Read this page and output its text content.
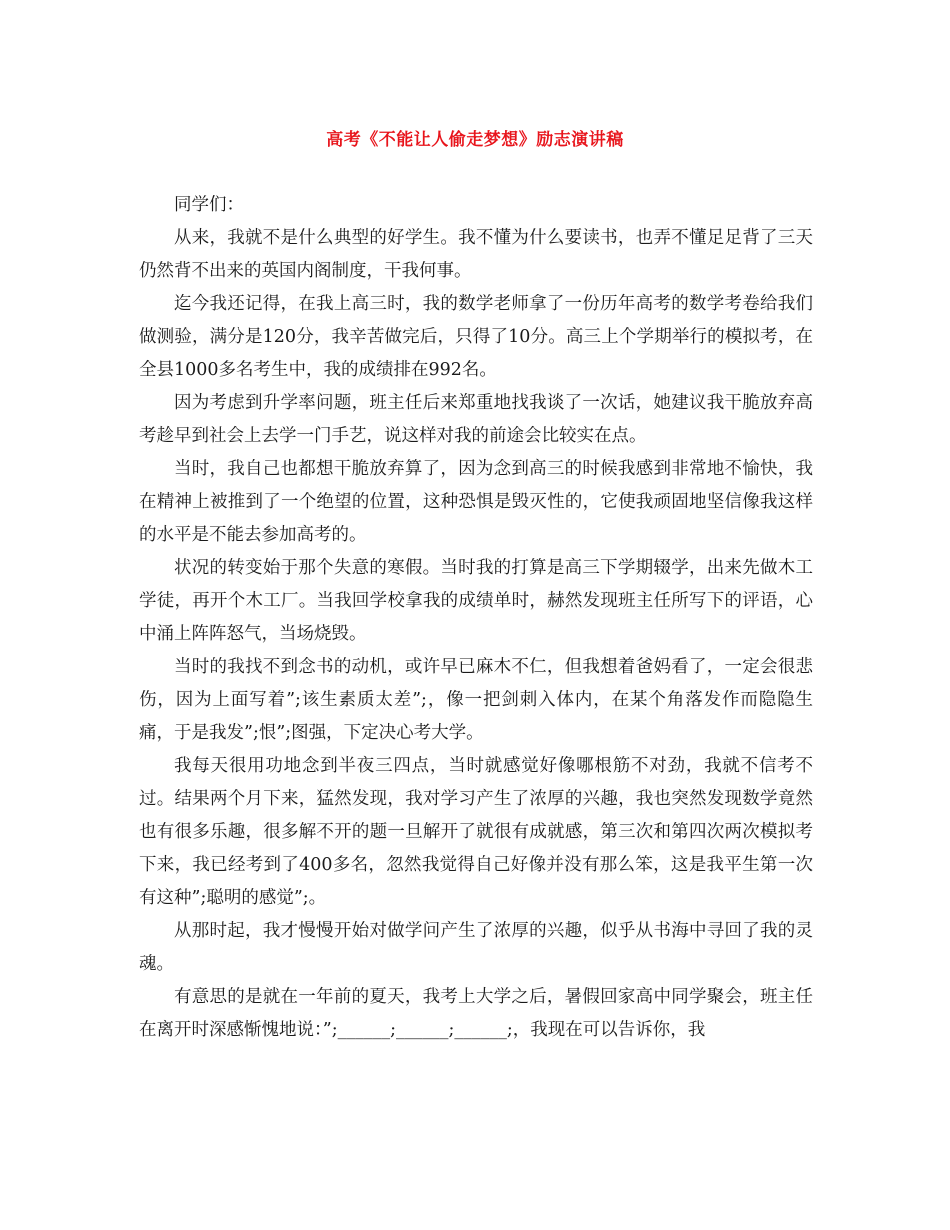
高考《不能让人偷走梦想》励志演讲稿

同学们：

从来，我就不是什么典型的好学生。我不懂为什么要读书，也弄不懂足足背了三天仍然背不出来的英国内阁制度，干我何事。

迄今我还记得，在我上高三时，我的数学老师拿了一份历年高考的数学考卷给我们做测验，满分是120分，我辛苦做完后，只得了10分。高三上个学期举行的模拟考，在全县1000多名考生中，我的成绩排在992名。

因为考虑到升学率问题，班主任后来郑重地找我谈了一次话，她建议我干脆放弃高考趁早到社会上去学一门手艺，说这样对我的前途会比较实在点。

当时，我自己也都想干脆放弃算了，因为念到高三的时候我感到非常地不愉快，我在精神上被推到了一个绝望的位置，这种恐惧是毁灭性的，它使我顽固地坚信像我这样的水平是不能去参加高考的。

状况的转变始于那个失意的寒假。当时我的打算是高三下学期辍学，出来先做木工学徒，再开个木工厂。当我回学校拿我的成绩单时，赫然发现班主任所写下的评语，心中涌上阵阵怒气，当场烧毁。

当时的我找不到念书的动机，或许早已麻木不仁，但我想着爸妈看了，一定会很悲伤，因为上面写着”;该生素质太差”;，像一把剑刺入体内，在某个角落发作而隐隐生痛，于是我发”;恨”;图强，下定决心考大学。

我每天很用功地念到半夜三四点，当时就感觉好像哪根筋不对劲，我就不信考不过。结果两个月下来，猛然发现，我对学习产生了浓厚的兴趣，我也突然发现数学竟然也有很多乐趣，很多解不开的题一旦解开了就很有成就感，第三次和第四次两次模拟考下来，我已经考到了400多名，忽然我觉得自己好像并没有那么笨，这是我平生第一次有这种”;聪明的感觉”;。

从那时起，我才慢慢开始对做学问产生了浓厚的兴趣，似乎从书海中寻回了我的灵魂。

有意思的是就在一年前的夏天，我考上大学之后，暑假回家高中同学聚会，班主任在离开时深感惭愧地说：”;______;______;______;，我现在可以告诉你，我
